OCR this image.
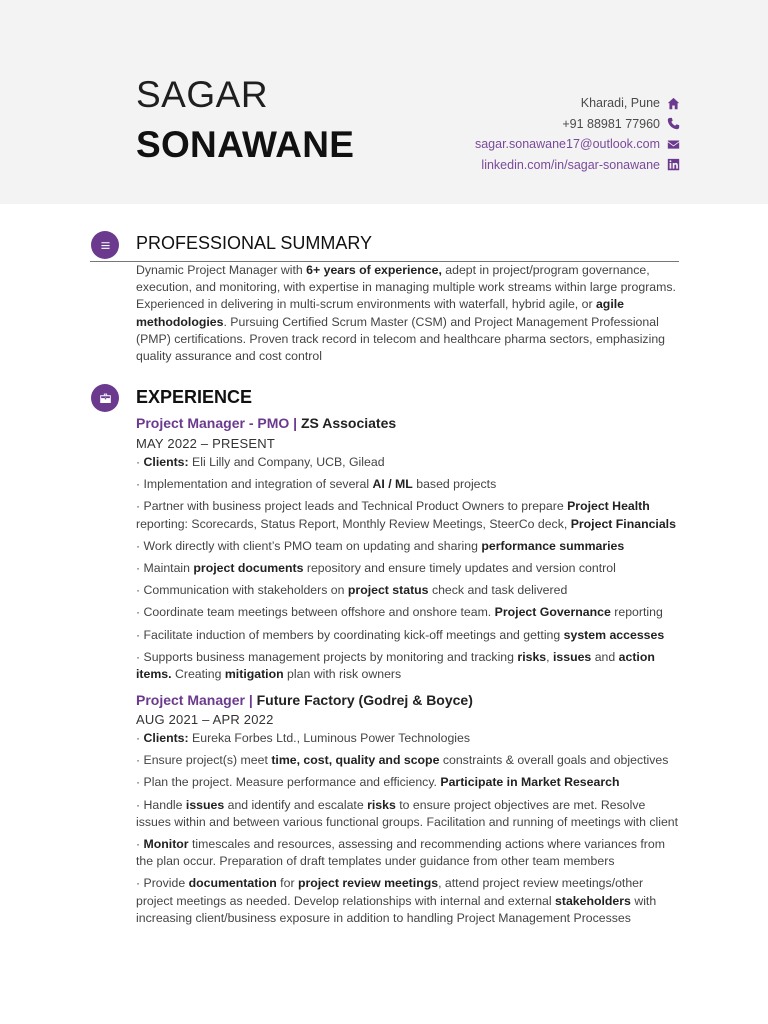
SAGAR
SONAWANE
Kharadi, Pune
+91 88981 77960
sagar.sonawane17@outlook.com
linkedin.com/in/sagar-sonawane
PROFESSIONAL SUMMARY
Dynamic Project Manager with 6+ years of experience, adept in project/program governance, execution, and monitoring, with expertise in managing multiple work streams within large programs. Experienced in delivering in multi-scrum environments with waterfall, hybrid agile, or agile methodologies. Pursuing Certified Scrum Master (CSM) and Project Management Professional (PMP) certifications. Proven track record in telecom and healthcare pharma sectors, emphasizing quality assurance and cost control
EXPERIENCE
Project Manager - PMO | ZS Associates
MAY 2022 – PRESENT

· Clients: Eli Lilly and Company, UCB, Gilead

· Implementation and integration of several AI / ML based projects

· Partner with business project leads and Technical Product Owners to prepare Project Health reporting: Scorecards, Status Report, Monthly Review Meetings, SteerCo deck, Project Financials

· Work directly with client’s PMO team on updating and sharing performance summaries

· Maintain project documents repository and ensure timely updates and version control

· Communication with stakeholders on project status check and task delivered

· Coordinate team meetings between offshore and onshore team. Project Governance reporting

· Facilitate induction of members by coordinating kick-off meetings and getting system accesses

· Supports business management projects by monitoring and tracking risks, issues and action items. Creating mitigation plan with risk owners

Project Manager | Future Factory (Godrej & Boyce)
AUG 2021 – APR 2022

· Clients: Eureka Forbes Ltd., Luminous Power Technologies

· Ensure project(s) meet time, cost, quality and scope constraints & overall goals and objectives

· Plan the project. Measure performance and efficiency. Participate in Market Research

· Handle issues and identify and escalate risks to ensure project objectives are met. Resolve issues within and between various functional groups. Facilitation and running of meetings with client

· Monitor timescales and resources, assessing and recommending actions where variances from the plan occur. Preparation of draft templates under guidance from other team members

· Provide documentation for project review meetings, attend project review meetings/other project meetings as needed. Develop relationships with internal and external stakeholders with increasing client/business exposure in addition to handling Project Management Processes
